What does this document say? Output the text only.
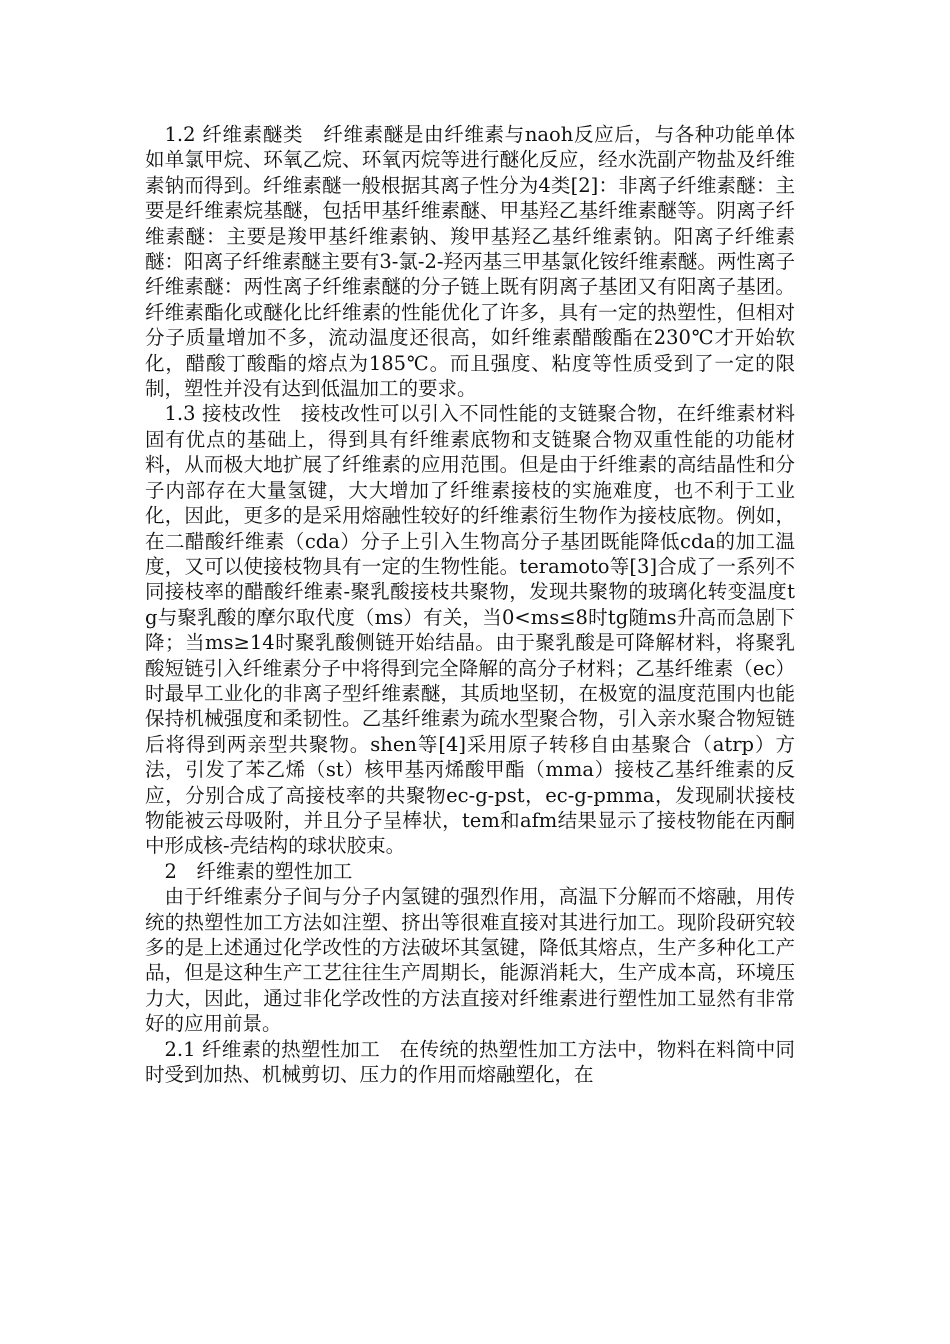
1.2 纤维素醚类　纤维素醚是由纤维素与naoh反应后，与各种功能单体如单氯甲烷、环氧乙烷、环氧丙烷等进行醚化反应，经水洗副产物盐及纤维素钠而得到。纤维素醚一般根据其离子性分为4类[2]：非离子纤维素醚：主要是纤维素烷基醚，包括甲基纤维素醚、甲基羟乙基纤维素醚等。阴离子纤维素醚：主要是羧甲基纤维素钠、羧甲基羟乙基纤维素钠。阳离子纤维素醚：阳离子纤维素醚主要有3-氯-2-羟丙基三甲基氯化铵纤维素醚。两性离子纤维素醚：两性离子纤维素醚的分子链上既有阴离子基团又有阳离子基团。纤维素酯化或醚化比纤维素的性能优化了许多，具有一定的热塑性，但相对分子质量增加不多，流动温度还很高，如纤维素醋酸酯在230℃才开始软化，醋酸丁酸酯的熔点为185℃。而且强度、粘度等性质受到了一定的限制，塑性并没有达到低温加工的要求。

1.3 接枝改性　接枝改性可以引入不同性能的支链聚合物，在纤维素材料固有优点的基础上，得到具有纤维素底物和支链聚合物双重性能的功能材料，从而极大地扩展了纤维素的应用范围。但是由于纤维素的高结晶性和分子内部存在大量氢键，大大增加了纤维素接枝的实施难度，也不利于工业化，因此，更多的是采用熔融性较好的纤维素衍生物作为接枝底物。例如，在二醋酸纤维素（cda）分子上引入生物高分子基团既能降低cda的加工温度，又可以使接枝物具有一定的生物性能。teramoto等[3]合成了一系列不同接枝率的醋酸纤维素-聚乳酸接枝共聚物，发现共聚物的玻璃化转变温度tg与聚乳酸的摩尔取代度（ms）有关，当0<ms≤8时tg随ms升高而急剧下降；当ms≥14时聚乳酸侧链开始结晶。由于聚乳酸是可降解材料，将聚乳酸短链引入纤维素分子中将得到完全降解的高分子材料；乙基纤维素（ec）时最早工业化的非离子型纤维素醚，其质地坚韧，在极宽的温度范围内也能保持机械强度和柔韧性。乙基纤维素为疏水型聚合物，引入亲水聚合物短链后将得到两亲型共聚物。shen等[4]采用原子转移自由基聚合（atrp）方法，引发了苯乙烯（st）核甲基丙烯酸甲酯（mma）接枝乙基纤维素的反应，分别合成了高接枝率的共聚物ec-g-pst，ec-g-pmma，发现刷状接枝物能被云母吸附，并且分子呈棒状，tem和afm结果显示了接枝物能在丙酮中形成核-壳结构的球状胶束。

2　纤维素的塑性加工

由于纤维素分子间与分子内氢键的强烈作用，高温下分解而不熔融，用传统的热塑性加工方法如注塑、挤出等很难直接对其进行加工。现阶段研究较多的是上述通过化学改性的方法破坏其氢键，降低其熔点，生产多种化工产品，但是这种生产工艺往往生产周期长，能源消耗大，生产成本高，环境压力大，因此，通过非化学改性的方法直接对纤维素进行塑性加工显然有非常好的应用前景。

2.1 纤维素的热塑性加工　在传统的热塑性加工方法中，物料在料筒中同时受到加热、机械剪切、压力的作用而熔融塑化，在
